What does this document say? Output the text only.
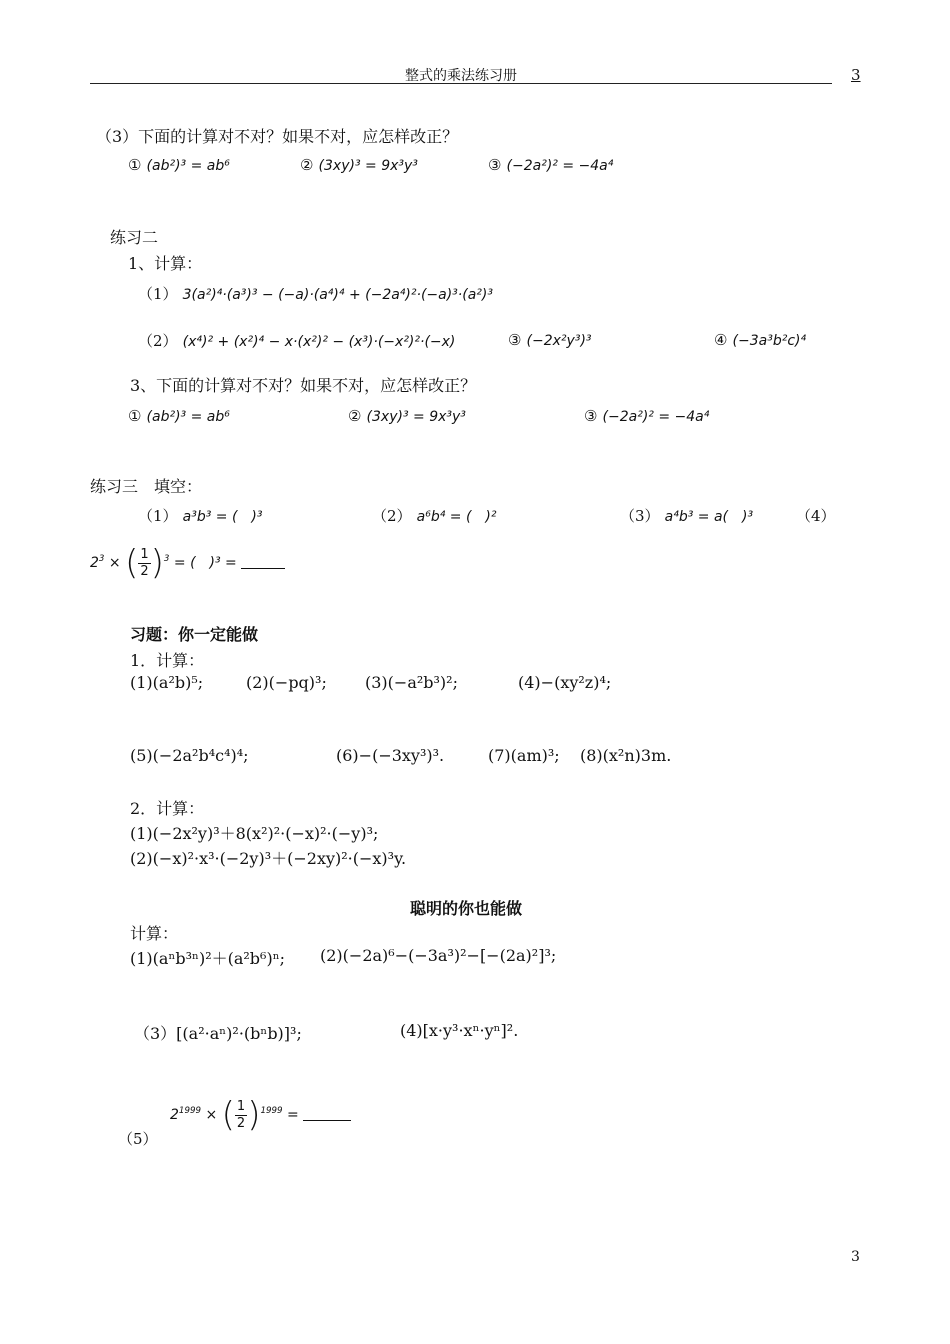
整式的乘法练习册	3
（3）下面的计算对不对？如果不对，应怎样改正？
① (ab²)³ = ab⁶	② (3xy)³ = 9x³y³	③ (−2a²)² = −4a⁴
练习二
1、计算：
（1） 3(a²)⁴·(a³)³ − (−a)·(a⁴)⁴ + (−2a⁴)²·(−a)³·(a²)³
（2） (x⁴)² + (x²)⁴ − x·(x²)² − (x³)·(−x²)²·(−x)	③ (−2x²y³)³	④ (−3a³b²c)⁴
3、下面的计算对不对？如果不对，应怎样改正？
① (ab²)³ = ab⁶	② (3xy)³ = 9x³y³	③ (−2a²)² = −4a⁴
练习三　填空：
（1） a³b³ = (　)³	（2） a⁶b⁴ = (　)²	（3） a⁴b³ = a(　)³	（4）
$2^3$ × ( $\frac{1}{2} )^3$ = (　)³ =
习题：你一定能做
1．计算：
(1)(a²b)⁵;	(2)(−pq)³; (3)(−a²b³)²;	(4)−(xy²z)⁴;
(5)(−2a²b⁴c⁴)⁴;	(6)−(−3xy³)³.	(7)(am)³; (8)(x²n)3m.
2．计算：
(1)(−2x²y)³＋8(x²)²·(−x)²·(−y)³;
(2)(−x)²·x³·(−2y)³＋(−2xy)²·(−x)³y.
聪明的你也能做
计算：
(1)(aⁿb³ⁿ)²＋(a²b⁶)ⁿ; (2)(−2a)⁶−(−3a³)²−[−(2a)²]³;
（3）[(a²·aⁿ)²·(bⁿb)]³;	(4)[x·y³·xⁿ·yⁿ]².
（5）
$2^{1999}$ × ( $\frac{1}{2} )^{1999}$ =
3
